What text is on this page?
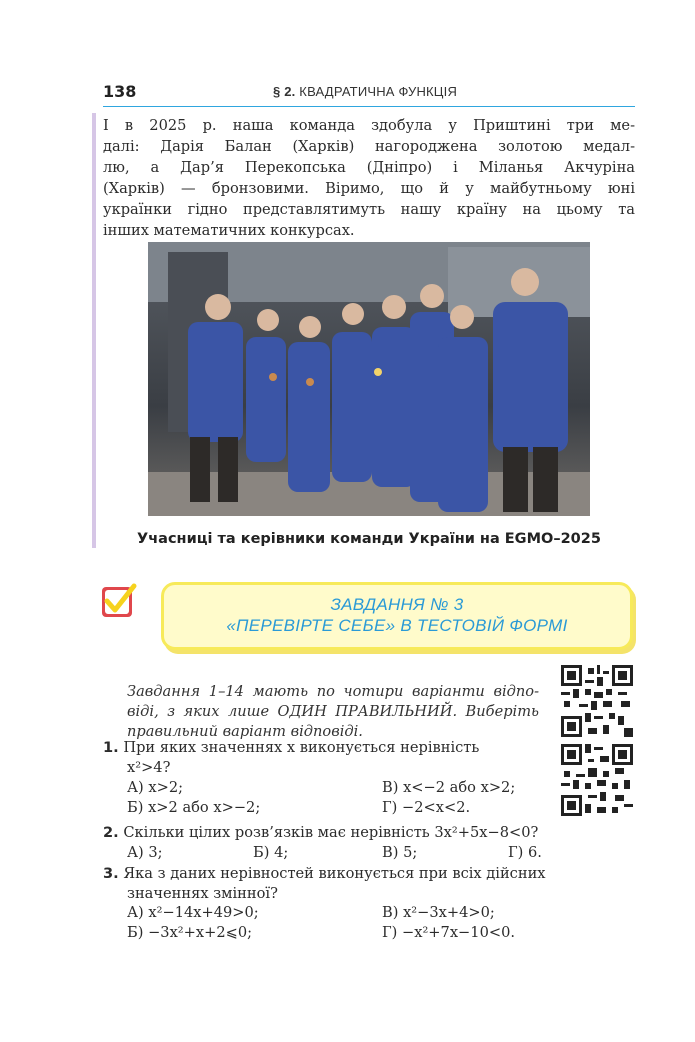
138	§ 2. КВАДРАТИЧНА ФУНКЦІЯ
І в 2025 р. наша команда здобула у Приштині три ме-
далі: Дарія Балан (Харків) нагороджена золотою медал-
лю, а Дар’я Перекопська (Дніпро) і Міланья Акчуріна
(Харків) — бронзовими. Віримо, що й у майбутньому юні
українки гідно представлятимуть нашу країну на цьому та
інших математичних конкурсах.
Учасниці та керівники команди України на EGMO–2025
ЗАВДАННЯ № 3
«ПЕРЕВІРТЕ СЕБЕ» В ТЕСТОВІЙ ФОРМІ
Завдання 1–14 мають по чотири варіанти відпо-
віді, з яких лише ОДИН ПРАВИЛЬНИЙ. Виберіть
правильний варіант відповіді.
1. При яких значеннях x виконується нерівність
x²>4?
А) x>2;	В) x<−2 або x>2;
Б) x>2 або x>−2;	Г) −2<x<2.
2. Скільки цілих розв’язків має нерівність 3x²+5x−8<0?
А) 3;	Б) 4;	В) 5;	Г) 6.
3. Яка з даних нерівностей виконується при всіх дійсних
значеннях змінної?
А) x²−14x+49>0;	В) x²−3x+4>0;
Б) −3x²+x+2⩽0;	Г) −x²+7x−10<0.
